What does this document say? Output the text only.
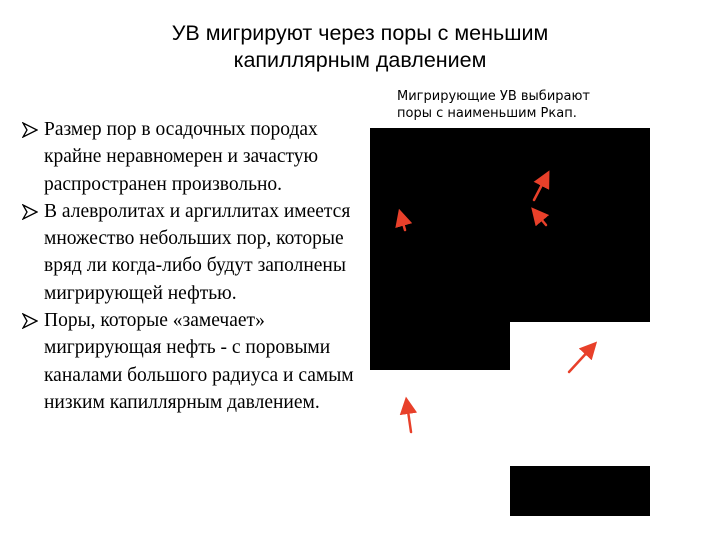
УВ мигрируют через поры с меньшим
капиллярным давлением
Размер пор в осадочных породах крайне неравномерен и зачастую распространен произвольно.
В алевролитах и аргиллитах имеется множество небольших пор, которые вряд ли когда-либо будут заполнены мигрирующей нефтью.
Поры, которые «замечает» мигрирующая нефть - с поровыми каналами большого радиуса и самым низким капиллярным давлением.
Мигрирующие УВ выбирают
поры с наименьшим Pкап.
